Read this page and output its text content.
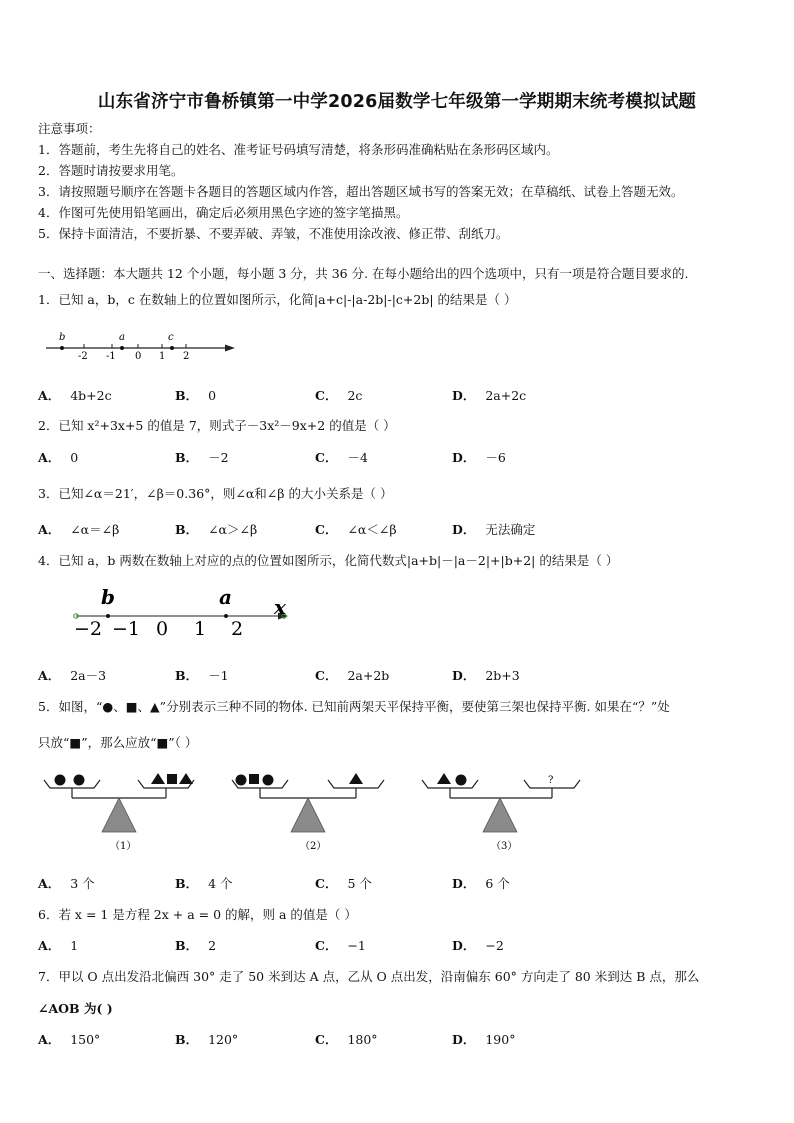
山东省济宁市鲁桥镇第一中学2026届数学七年级第一学期期末统考模拟试题
注意事项：
1．答题前，考生先将自己的姓名、准考证号码填写清楚，将条形码准确粘贴在条形码区域内。
2．答题时请按要求用笔。
3．请按照题号顺序在答题卡各题目的答题区域内作答，超出答题区域书写的答案无效；在草稿纸、试卷上答题无效。
4．作图可先使用铅笔画出，确定后必须用黑色字迹的签字笔描黑。
5．保持卡面清洁，不要折暴、不要弄破、弄皱，不准使用涂改液、修正带、刮纸刀。
一、选择题：本大题共 12 个小题，每小题 3 分，共 36 分. 在每小题给出的四个选项中，只有一项是符合题目要求的.
1．已知 a，b，c 在数轴上的位置如图所示，化简|a+c|-|a-2b|-|c+2b| 的结果是（ ）
b	a	c
-2 -1 0 1 2
A． 4b+2c	B． 0	C． 2c	D． 2a+2c
2．已知 x²+3x+5 的值是 7，则式子－3x²－9x+2 的值是（ ）
A． 0	B． －2	C． －4	D． －6
3．已知∠α＝21′，∠β＝0.36°，则∠α和∠β 的大小关系是（ ）
A． ∠α＝∠β	B． ∠α＞∠β	C． ∠α＜∠β	D． 无法确定
4．已知 a，b 两数在数轴上对应的点的位置如图所示，化简代数式|a+b|－|a－2|+|b+2| 的结果是（ ）
b	a x
−2 −1 0 1 2
A． 2a－3	B． －1	C． 2a+2b	D． 2b+3
5．如图，“●、■、▲”分别表示三种不同的物体. 已知前两架天平保持平衡，要使第三架也保持平衡. 如果在“？”处
只放“■”，那么应放“■”（ ）
（1）	（2）
?
（3）
A． 3 个	B． 4 个	C． 5 个	D． 6 个
6．若 x = 1 是方程 2x + a = 0 的解，则 a 的值是（ ）
A． 1	B． 2	C． −1	D． −2
7．甲以 O 点出发沿北偏西 30° 走了 50 米到达 A 点，乙从 O 点出发，沿南偏东 60° 方向走了 80 米到达 B 点，那么
∠AOB 为( )
A． 150°	B． 120°	C． 180°	D． 190°
